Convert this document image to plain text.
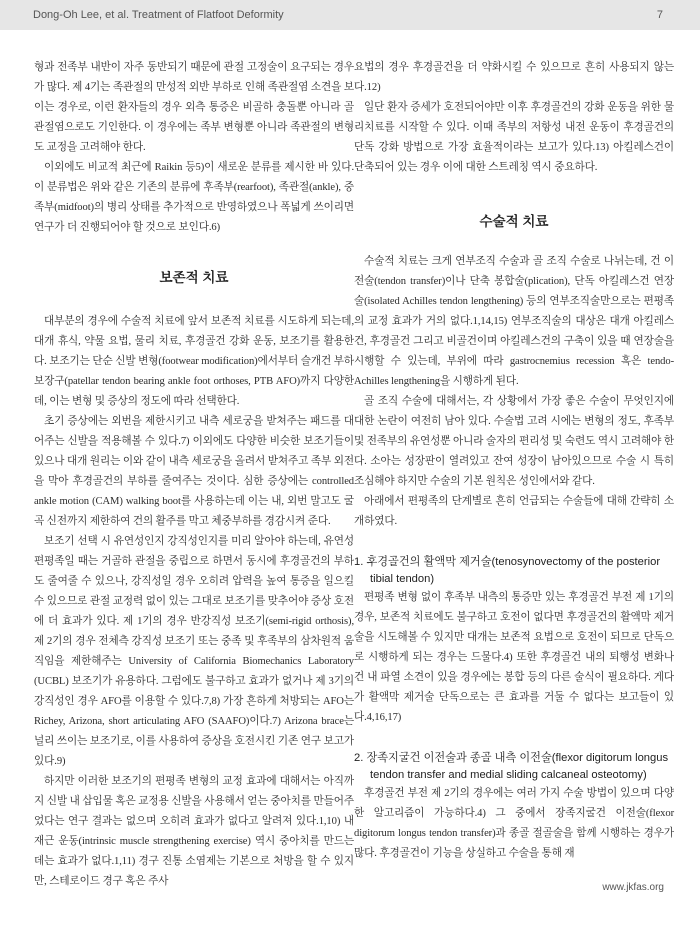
Dong-Oh Lee, et al. Treatment of Flatfoot Deformity	7

형과 전족부 내반이 자주 동반되기 때문에 관절 고정술이 요구되는 경우가 많다. 제 4기는 족관절의 만성적 외반 부하로 인해 족관절염 소견을 보이는 경우로, 이런 환자들의 경우 외측 통증은 비골하 충돌뿐 아니라 골관절염으로도 기인한다. 이 경우에는 족부 변형뿐 아니라 족관절의 변형도 교정을 고려해야 한다.

이외에도 비교적 최근에 Raikin 등5)이 새로운 분류를 제시한 바 있다. 이 분류법은 위와 같은 기존의 분류에 후족부(rearfoot), 족관절(ankle), 중족부(midfoot)의 병리 상태를 추가적으로 반영하였으나 폭넓게 쓰이리면 연구가 더 진행되어야 할 것으로 보인다.6)

보존적 치료

대부분의 경우에 수술적 치료에 앞서 보존적 치료를 시도하게 되는데, 대개 휴식, 약물 요법, 물리 치료, 후경골건 강화 운동, 보조기를 활용한다. 보조기는 단순 신발 변형(footwear modification)에서부터 슬개건 부하 보장구(patellar tendon bearing ankle foot orthoses, PTB AFO)까지 다양한데, 이는 변형 및 증상의 정도에 따라 선택한다.

초기 증상에는 외번을 제한시키고 내측 세로궁을 받쳐주는 패드를 대어주는 신발을 적용해볼 수 있다.7) 이외에도 다양한 비슷한 보조기들이 있으나 대개 원리는 이와 같이 내측 세로궁을 올려서 받쳐주고 족부 외전을 막아 후경골건의 부하를 줄여주는 것이다. 심한 증상에는 controlled ankle motion (CAM) walking boot를 사용하는데 이는 내, 외번 말고도 굴곡 신전까지 제한하여 건의 활주를 막고 체중부하를 경감시켜 준다.

보조기 선택 시 유연성인지 강직성인지를 미리 알아야 하는데, 유연성 편평족일 때는 거골하 관절을 중립으로 하면서 동시에 후경골건의 부하도 줄여줄 수 있으나, 강직성일 경우 오히려 압력을 높여 통증을 일으킬 수 있으므로 관절 교정력 없이 있는 그대로 보조기를 맞추어야 증상 호전에 더 효과가 있다. 제 1기의 경우 반강직성 보조기(semi-rigid orthosis), 제 2기의 경우 전체측 강직성 보조기 또는 중족 및 후족부의 삼차원적 움직임을 제한해주는 University of California Biomechanics Laboratory (UCBL) 보조기가 유용하다. 그럼에도 불구하고 효과가 없거나 제 3기의 강직성인 경우 AFO를 이용할 수 있다.7,8) 가장 흔하게 처방되는 AFO는 Richey, Arizona, short articulating AFO (SAAFO)이다.7) Arizona brace는 널리 쓰이는 보조기로, 이를 사용하여 증상을 호전시킨 기존 연구 보고가 있다.9)

하지만 이러한 보조기의 편평족 변형의 교정 효과에 대해서는 아직까지 신발 내 삽입물 혹은 교정용 신발을 사용해서 얻는 중아치를 만들어주었다는 연구 결과는 없으며 오히려 효과가 없다고 알려져 있다.1,10) 내재근 운동(intrinsic muscle strengthening exercise) 역시 중아치를 만드는 데는 효과가 없다.1,11) 경구 진통 소염제는 기본으로 처방을 할 수 있지만, 스테로이드 경구 혹은 주사

요법의 경우 후경골건을 더 약화시킬 수 있으므로 흔히 사용되지 않는다.12)

일단 환자 증세가 호전되어야만 이후 후경골건의 강화 운동을 위한 물리치료를 시작할 수 있다. 이때 족부의 저항성 내전 운동이 후경골건의 단독 강화 방법으로 가장 효율적이라는 보고가 있다.13) 아킬레스건이 단축되어 있는 경우 이에 대한 스트레칭 역시 중요하다.

수술적 치료

수술적 치료는 크게 연부조직 수술과 골 조직 수술로 나뉘는데, 건 이전술(tendon transfer)이나 단축 봉합술(plication), 단독 아킬레스건 연장술(isolated Achilles tendon lengthening) 등의 연부조직술만으로는 편평족의 교정 효과가 거의 없다.1,14,15) 연부조직술의 대상은 대개 아킬레스건, 후경골건 그리고 비골건이며 아킬레스건의 구축이 있을 때 연장술을 시행할 수 있는데, 부위에 따라 gastrocnemius recession 혹은 tendo-Achilles lengthening을 시행하게 된다.

골 조직 수술에 대해서는, 각 상황에서 가장 좋은 수술이 무엇인지에 대한 논란이 여전히 남아 있다. 수술법 고려 시에는 변형의 정도, 후족부 및 전족부의 유연성뿐 아니라 술자의 편리성 및 숙련도 역시 고려해야 한다. 소아는 성장판이 열려있고 잔여 성장이 남아있으므로 수술 시 특히 조심해야 하지만 수술의 기본 원칙은 성인에서와 같다.

아래에서 편평족의 단계별로 흔히 언급되는 수술들에 대해 간략히 소개하였다.

1. 후경골건의 활액막 제거술(tenosynovectomy of the posterior tibial tendon)

편평족 변형 없이 후족부 내측의 통증만 있는 후경골건 부전 제 1기의 경우, 보존적 치료에도 불구하고 호전이 없다면 후경골건의 활액막 제거술을 시도해볼 수 있지만 대개는 보존적 요법으로 호전이 되므로 단독으로 시행하게 되는 경우는 드물다.4) 또한 후경골건 내의 퇴행성 변화나 건 내 파열 소견이 있을 경우에는 봉합 등의 다른 술식이 필요하다. 게다가 활액막 제거술 단독으로는 큰 효과를 거둘 수 없다는 보고들이 있다.4,16,17)

2. 장족지굴건 이전술과 종골 내측 이전술(flexor digitorum longus tendon transfer and medial sliding calcaneal osteotomy)

후경골건 부전 제 2기의 경우에는 여러 가지 수술 방법이 있으며 다양한 알고리즘이 가능하다.4) 그 중에서 장족지굴건 이전술(flexor digitorum longus tendon transfer)과 종골 절골술을 함께 시행하는 경우가 많다. 후경골건이 기능을 상실하고 수술을 통해 재

www.jkfas.org
